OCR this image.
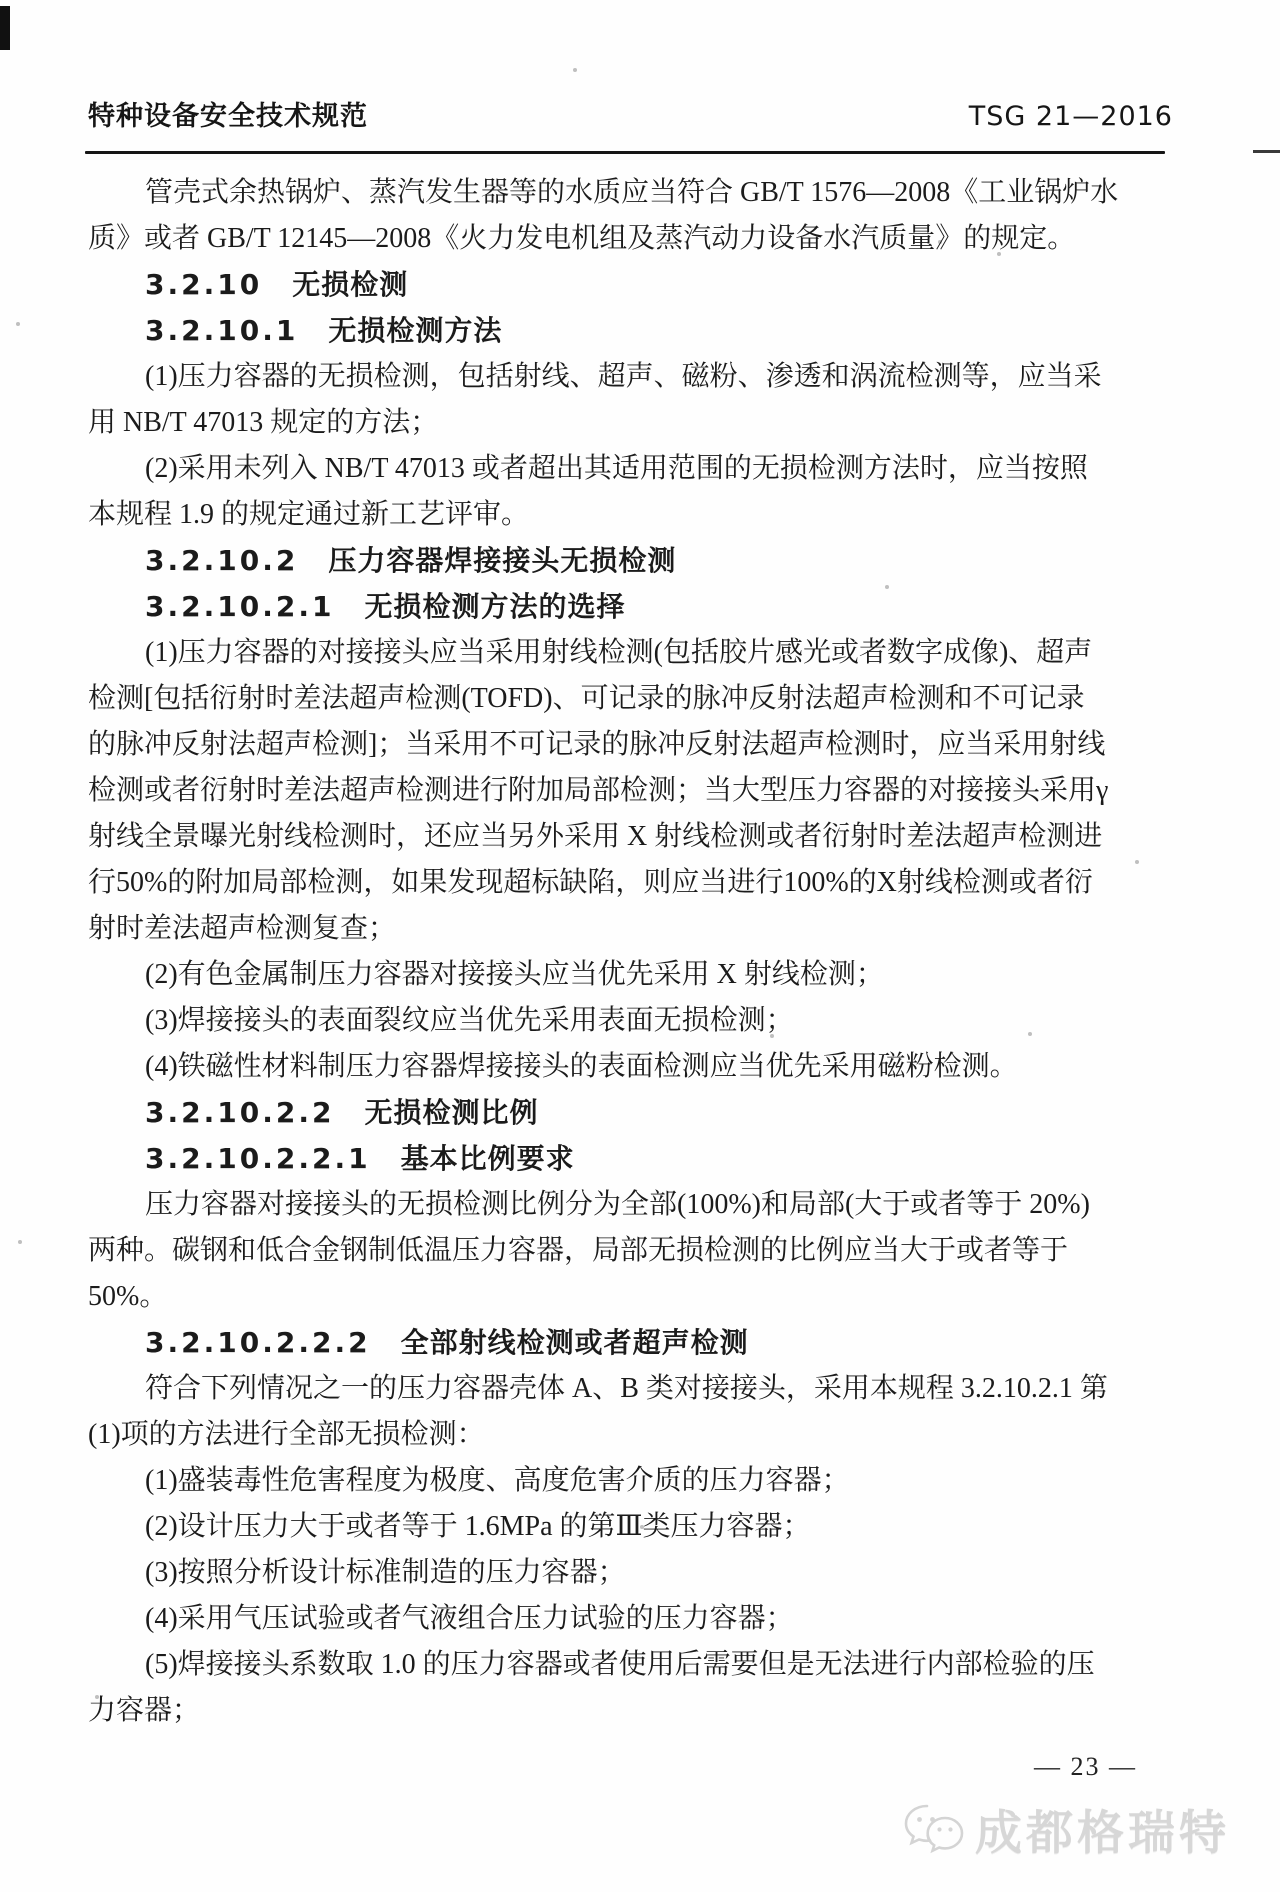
特种设备安全技术规范	TSG 21—2016
管壳式余热锅炉、蒸汽发生器等的水质应当符合 GB/T 1576—2008《工业锅炉水
质》或者 GB/T 12145—2008《火力发电机组及蒸汽动力设备水汽质量》的规定。
3.2.10 无损检测
3.2.10.1 无损检测方法
(1)压力容器的无损检测，包括射线、超声、磁粉、渗透和涡流检测等，应当采
用 NB/T 47013 规定的方法；
(2)采用未列入 NB/T 47013 或者超出其适用范围的无损检测方法时，应当按照
本规程 1.9 的规定通过新工艺评审。
3.2.10.2 压力容器焊接接头无损检测
3.2.10.2.1 无损检测方法的选择
(1)压力容器的对接接头应当采用射线检测(包括胶片感光或者数字成像)、超声
检测[包括衍射时差法超声检测(TOFD)、可记录的脉冲反射法超声检测和不可记录
的脉冲反射法超声检测]；当采用不可记录的脉冲反射法超声检测时，应当采用射线
检测或者衍射时差法超声检测进行附加局部检测；当大型压力容器的对接接头采用γ
射线全景曝光射线检测时，还应当另外采用 X 射线检测或者衍射时差法超声检测进
行50%的附加局部检测，如果发现超标缺陷，则应当进行100%的X射线检测或者衍
射时差法超声检测复查；
(2)有色金属制压力容器对接接头应当优先采用 X 射线检测；
(3)焊接接头的表面裂纹应当优先采用表面无损检测；
(4)铁磁性材料制压力容器焊接接头的表面检测应当优先采用磁粉检测。
3.2.10.2.2 无损检测比例
3.2.10.2.2.1 基本比例要求
压力容器对接接头的无损检测比例分为全部(100%)和局部(大于或者等于 20%)
两种。碳钢和低合金钢制低温压力容器，局部无损检测的比例应当大于或者等于
50%。
3.2.10.2.2.2 全部射线检测或者超声检测
符合下列情况之一的压力容器壳体 A、B 类对接接头，采用本规程 3.2.10.2.1 第
(1)项的方法进行全部无损检测：
(1)盛装毒性危害程度为极度、高度危害介质的压力容器；
(2)设计压力大于或者等于 1.6MPa 的第Ⅲ类压力容器；
(3)按照分析设计标准制造的压力容器；
(4)采用气压试验或者气液组合压力试验的压力容器；
(5)焊接接头系数取 1.0 的压力容器或者使用后需要但是无法进行内部检验的压
力容器；
— 23 —
成都格瑞特
